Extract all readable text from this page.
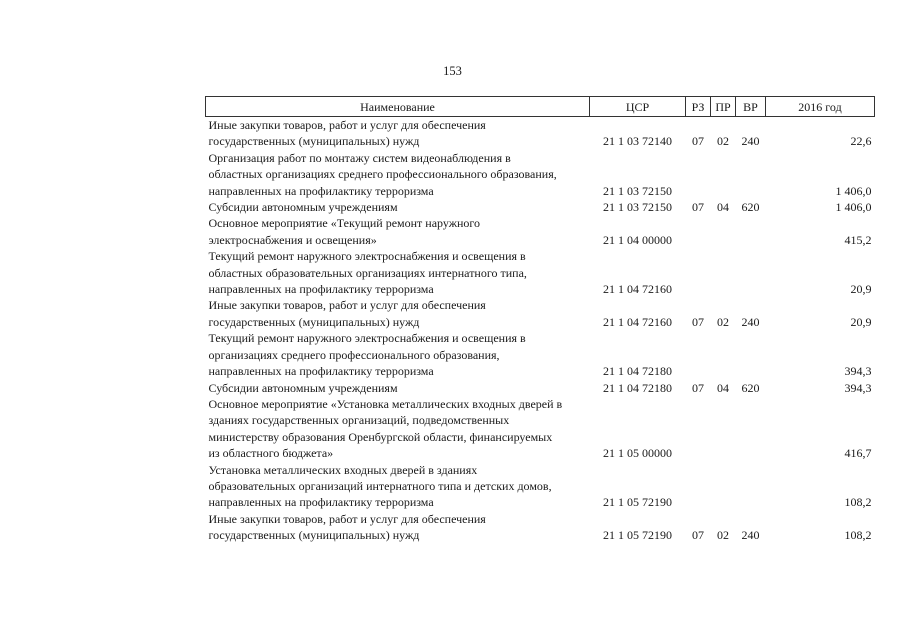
153
Наименование	ЦСР	РЗ	ПР	ВР	2016 год

Иные закупки товаров, работ и услуг для обеспечения
государственных (муниципальных) нужд	21 1 03 72140	07	02	240	22,6

Организация работ по монтажу систем видеонаблюдения в
областных организациях среднего профессионального образования,
направленных на профилактику терроризма	21 1 03 72150				1 406,0

Субсидии автономным учреждениям	21 1 03 72150	07	04	620	1 406,0

Основное мероприятие «Текущий ремонт наружного
электроснабжения и освещения»	21 1 04 00000				415,2

Текущий ремонт наружного электроснабжения и освещения в
областных образовательных организациях интернатного типа,
направленных на профилактику терроризма	21 1 04 72160				20,9

Иные закупки товаров, работ и услуг для обеспечения
государственных (муниципальных) нужд	21 1 04 72160	07	02	240	20,9

Текущий ремонт наружного электроснабжения и освещения в
организациях среднего профессионального образования,
направленных на профилактику терроризма	21 1 04 72180				394,3

Субсидии автономным учреждениям	21 1 04 72180	07	04	620	394,3

Основное мероприятие «Установка металлических входных дверей в
зданиях государственных организаций, подведомственных
министерству образования Оренбургской области, финансируемых
из областного бюджета»	21 1 05 00000				416,7

Установка металлических входных дверей в зданиях
образовательных организаций интернатного типа и детских домов,
направленных на профилактику терроризма	21 1 05 72190				108,2

Иные закупки товаров, работ и услуг для обеспечения
государственных (муниципальных) нужд	21 1 05 72190	07	02	240	108,2
